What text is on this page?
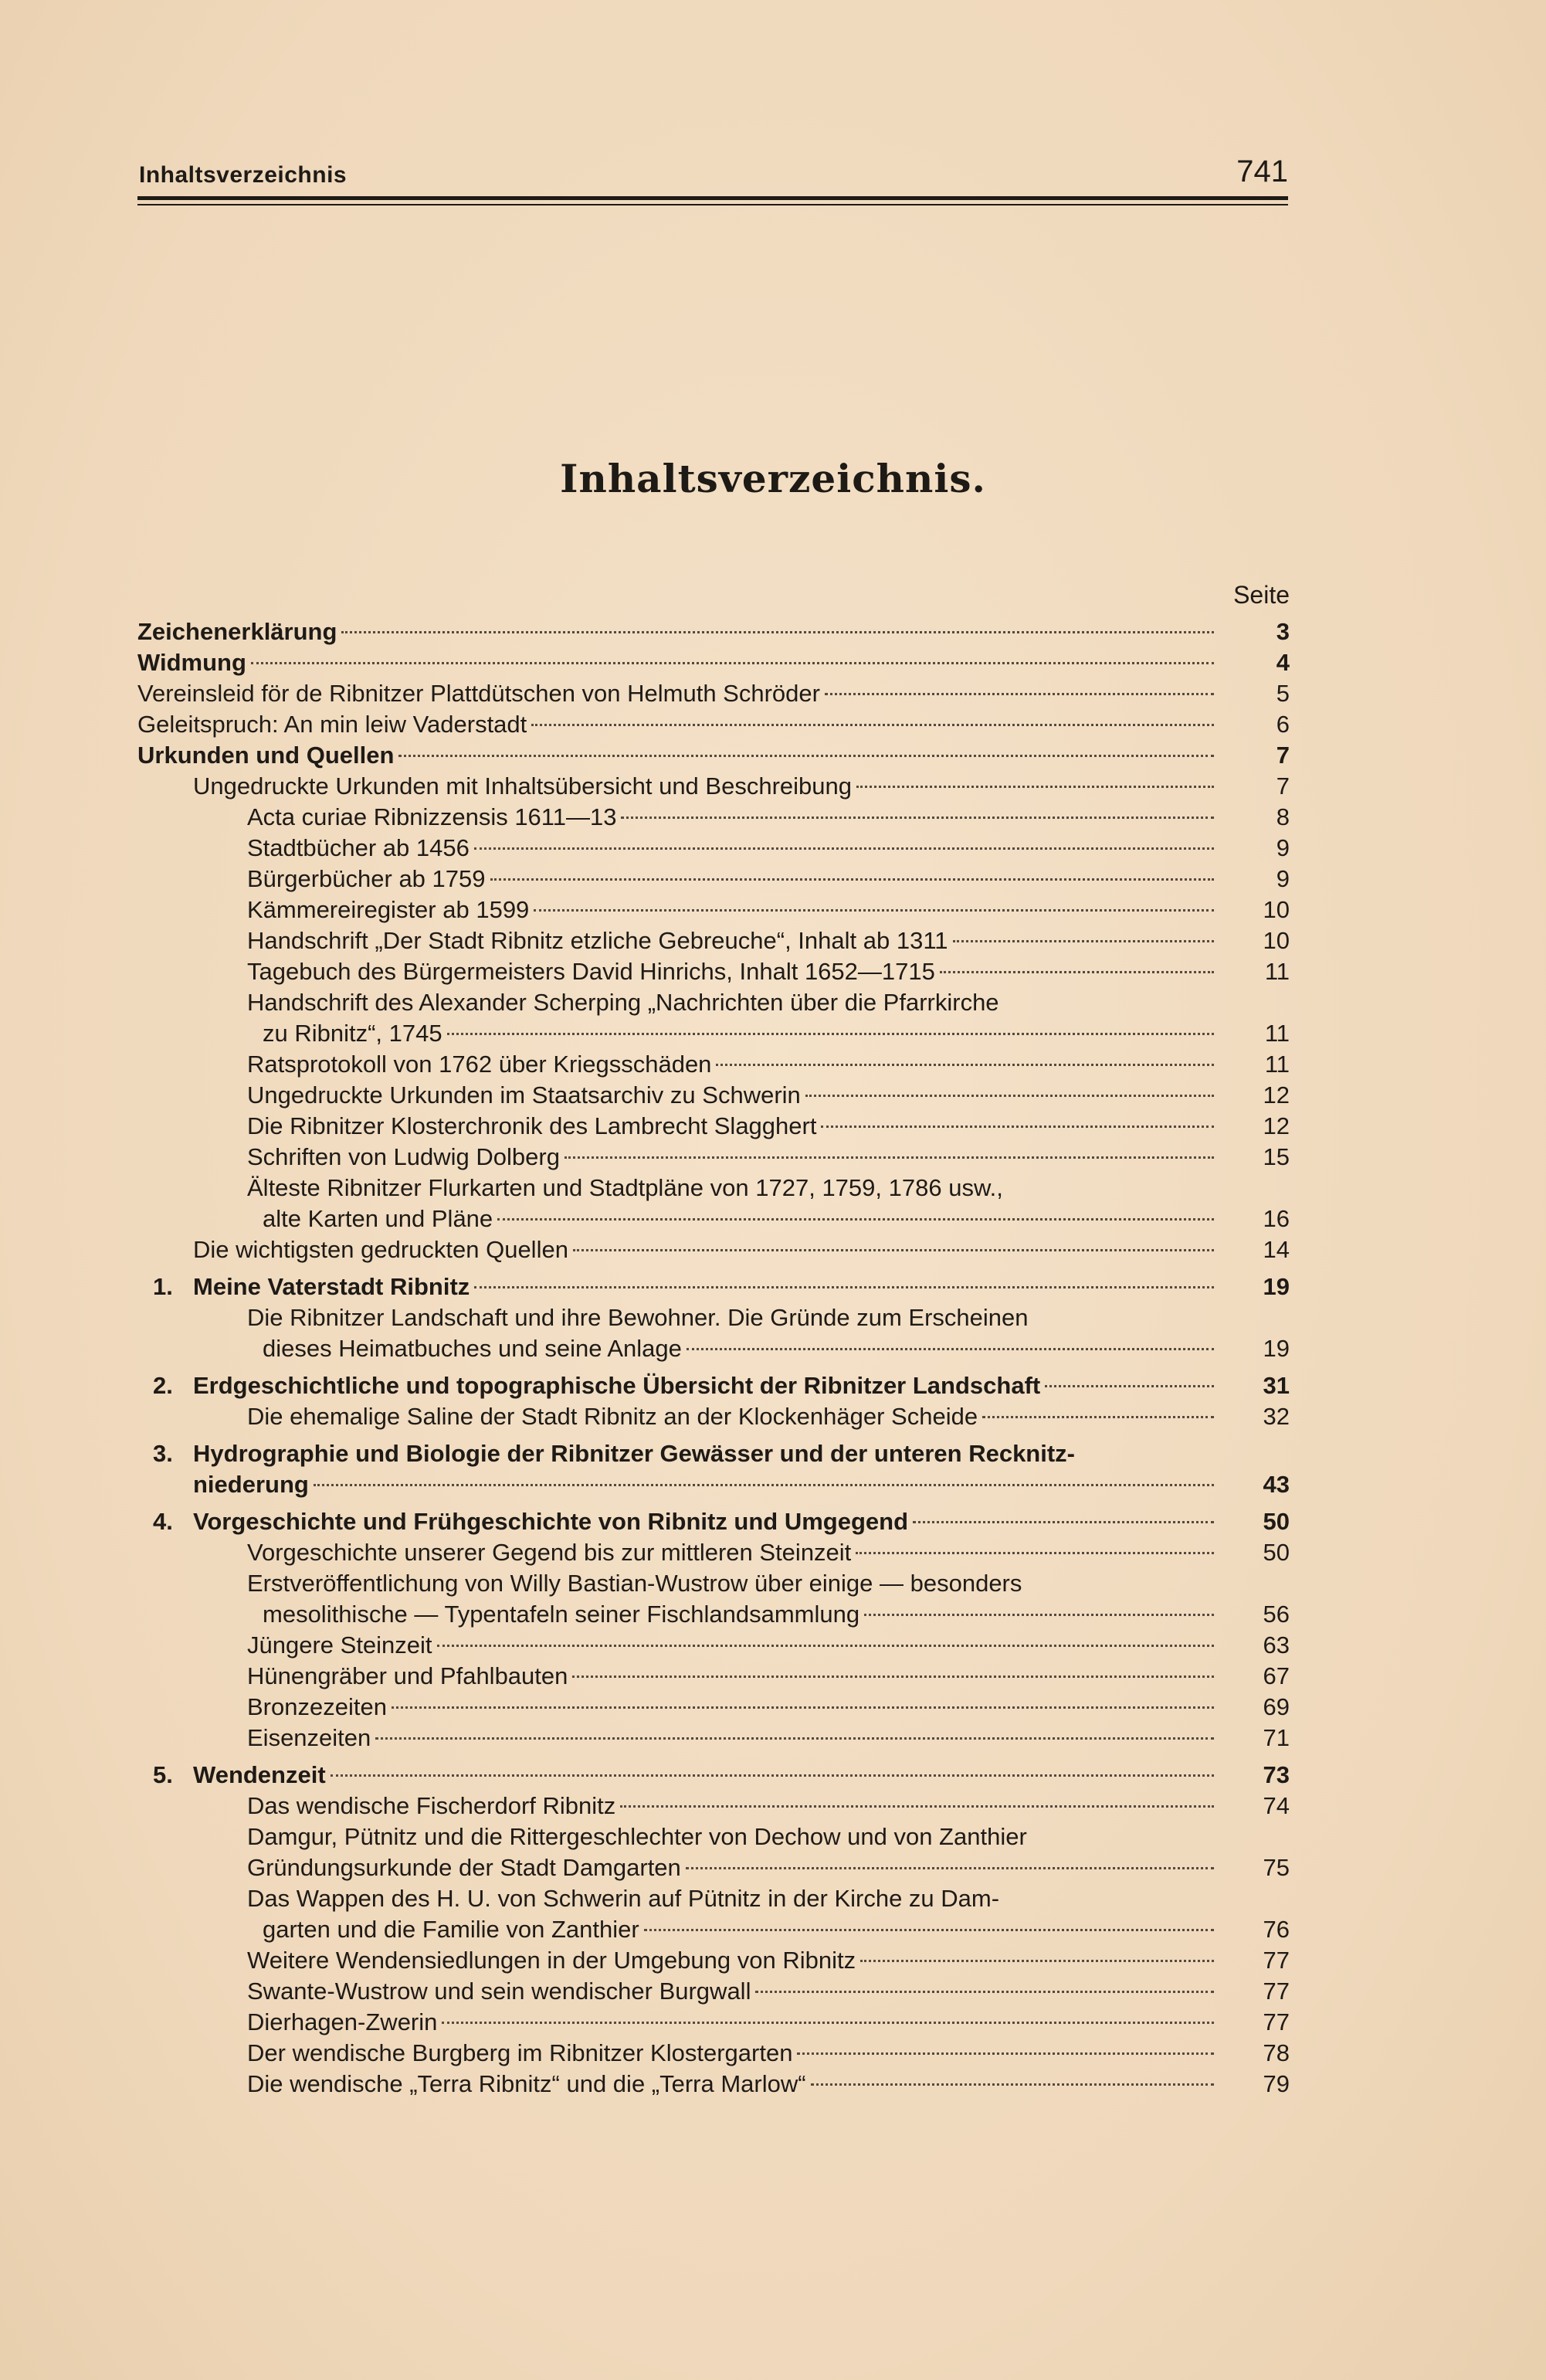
Inhaltsverzeichnis	741
Inhaltsverzeichnis.
Seite
Zeichenerklärung	3
Widmung	4
Vereinsleid för de Ribnitzer Plattdütschen von Helmuth Schröder	5
Geleitspruch: An min leiw Vaderstadt	6
Urkunden und Quellen	7
Ungedruckte Urkunden mit Inhaltsübersicht und Beschreibung	7
Acta curiae Ribnizzensis 1611—13	8
Stadtbücher ab 1456	9
Bürgerbücher ab 1759	9
Kämmereiregister ab 1599	10
Handschrift „Der Stadt Ribnitz etzliche Gebreuche“, Inhalt ab 1311	10
Tagebuch des Bürgermeisters David Hinrichs, Inhalt 1652—1715	11
Handschrift des Alexander Scherping „Nachrichten über die Pfarrkirche
zu Ribnitz“, 1745	11
Ratsprotokoll von 1762 über Kriegsschäden	11
Ungedruckte Urkunden im Staatsarchiv zu Schwerin	12
Die Ribnitzer Klosterchronik des Lambrecht Slagghert	12
Schriften von Ludwig Dolberg	15
Älteste Ribnitzer Flurkarten und Stadtpläne von 1727, 1759, 1786 usw.,
alte Karten und Pläne	16
Die wichtigsten gedruckten Quellen	14
1. Meine Vaterstadt Ribnitz	19
Die Ribnitzer Landschaft und ihre Bewohner. Die Gründe zum Erscheinen
dieses Heimatbuches und seine Anlage	19
2. Erdgeschichtliche und topographische Übersicht der Ribnitzer Landschaft	31
Die ehemalige Saline der Stadt Ribnitz an der Klockenhäger Scheide	32
3. Hydrographie und Biologie der Ribnitzer Gewässer und der unteren Recknitz-
niederung	43
4. Vorgeschichte und Frühgeschichte von Ribnitz und Umgegend	50
Vorgeschichte unserer Gegend bis zur mittleren Steinzeit	50
Erstveröffentlichung von Willy Bastian-Wustrow über einige — besonders
mesolithische — Typentafeln seiner Fischlandsammlung	56
Jüngere Steinzeit	63
Hünengräber und Pfahlbauten	67
Bronzezeiten	69
Eisenzeiten	71
5. Wendenzeit	73
Das wendische Fischerdorf Ribnitz	74
Damgur, Pütnitz und die Rittergeschlechter von Dechow und von Zanthier
Gründungsurkunde der Stadt Damgarten	75
Das Wappen des H. U. von Schwerin auf Pütnitz in der Kirche zu Dam-
garten und die Familie von Zanthier	76
Weitere Wendensiedlungen in der Umgebung von Ribnitz	77
Swante-Wustrow und sein wendischer Burgwall	77
Dierhagen-Zwerin	77
Der wendische Burgberg im Ribnitzer Klostergarten	78
Die wendische „Terra Ribnitz“ und die „Terra Marlow“	79
